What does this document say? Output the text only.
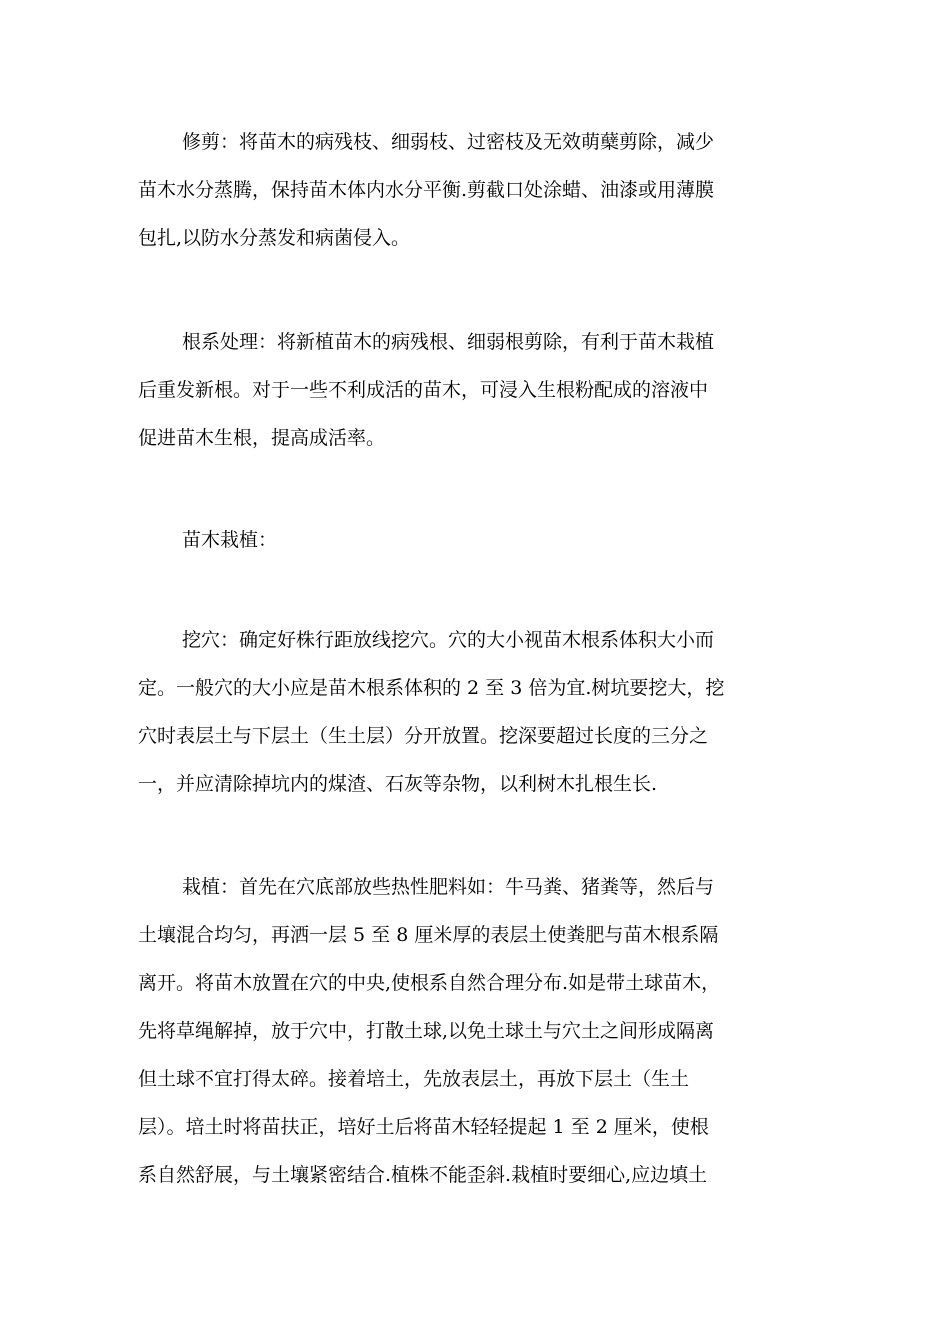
修剪：将苗木的病残枝、细弱枝、过密枝及无效萌蘖剪除，减少
苗木水分蒸腾，保持苗木体内水分平衡.剪截口处涂蜡、油漆或用薄膜
包扎,以防水分蒸发和病菌侵入。
根系处理：将新植苗木的病残根、细弱根剪除，有利于苗木栽植
后重发新根。对于一些不利成活的苗木，可浸入生根粉配成的溶液中
促进苗木生根，提高成活率。
苗木栽植：
挖穴：确定好株行距放线挖穴。穴的大小视苗木根系体积大小而
定。一般穴的大小应是苗木根系体积的 2 至 3 倍为宜.树坑要挖大，挖
穴时表层土与下层土（生土层）分开放置。挖深要超过长度的三分之
一，并应清除掉坑内的煤渣、石灰等杂物，以利树木扎根生长.
栽植：首先在穴底部放些热性肥料如：牛马粪、猪粪等，然后与
土壤混合均匀，再洒一层 5 至 8 厘米厚的表层土使粪肥与苗木根系隔
离开。将苗木放置在穴的中央,使根系自然合理分布.如是带土球苗木，
先将草绳解掉，放于穴中，打散土球,以免土球土与穴土之间形成隔离
但土球不宜打得太碎。接着培土，先放表层土，再放下层土（生土
层）。培土时将苗扶正，培好土后将苗木轻轻提起 1 至 2 厘米，使根
系自然舒展，与土壤紧密结合.植株不能歪斜.栽植时要细心,应边填土
